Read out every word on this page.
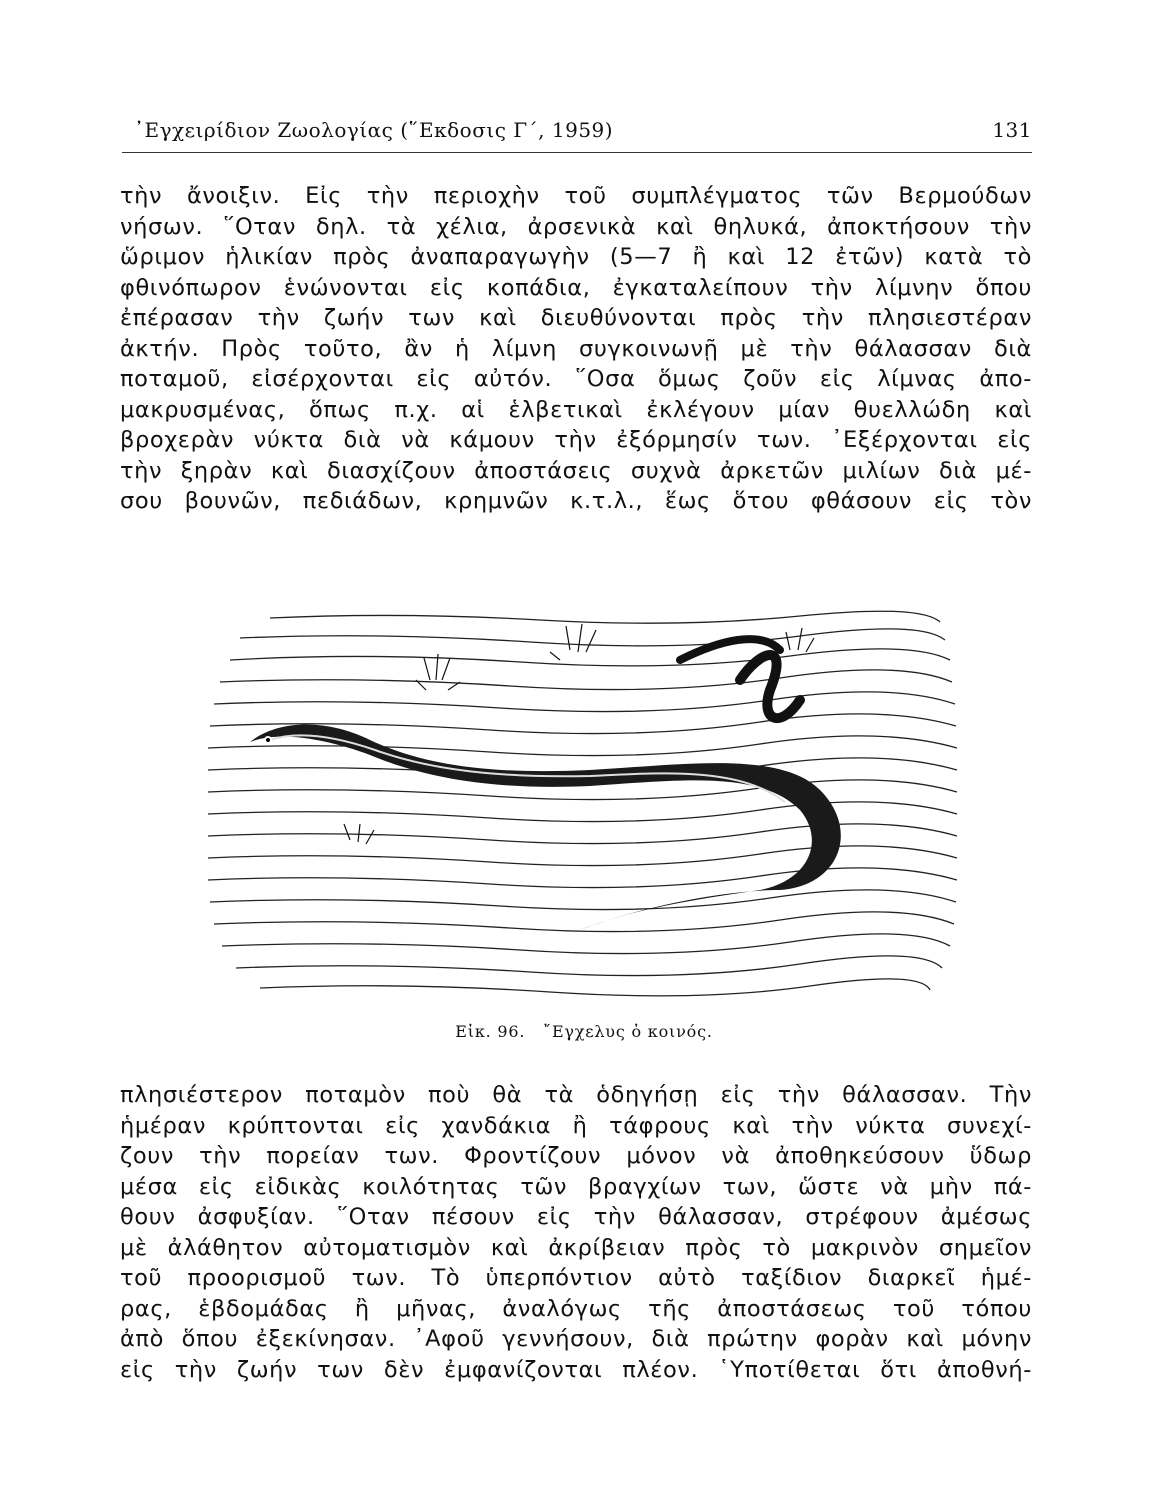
᾿Εγχειρίδιον Ζωολογίας (῞Εκδοσις Γ΄, 1959)	131
τὴν ἄνοιξιν. Εἰς τὴν περιοχὴν τοῦ συμπλέγματος τῶν Βερμούδων
νήσων. ῞Οταν δηλ. τὰ χέλια, ἀρσενικὰ καὶ θηλυκά, ἀποκτήσουν τὴν
ὥριμον ἡλικίαν πρὸς ἀναπαραγωγὴν (5—7 ἢ καὶ 12 ἐτῶν) κατὰ τὸ
φθινόπωρον ἑνώνονται εἰς κοπάδια, ἐγκαταλείπουν τὴν λίμνην ὅπου
ἐπέρασαν τὴν ζωήν των καὶ διευθύνονται πρὸς τὴν πλησιεστέραν
ἀκτήν. Πρὸς τοῦτο, ἂν ἡ λίμνη συγκοινωνῇ μὲ τὴν θάλασσαν διὰ
ποταμοῦ, εἰσέρχονται εἰς αὐτόν. ῞Οσα ὅμως ζοῦν εἰς λίμνας ἀπο-
μακρυσμένας, ὅπως π.χ. αἱ ἑλβετικαὶ ἐκλέγουν μίαν θυελλώδη καὶ
βροχερὰν νύκτα διὰ νὰ κάμουν τὴν ἐξόρμησίν των. ᾿Εξέρχονται εἰς
τὴν ξηρὰν καὶ διασχίζουν ἀποστάσεις συχνὰ ἀρκετῶν μιλίων διὰ μέ-
σου βουνῶν, πεδιάδων, κρημνῶν κ.τ.λ., ἕως ὅτου φθάσουν εἰς τὸν
Εἰκ. 96. ῎Εγχελυς ὁ κοινός.
πλησιέστερον ποταμὸν ποὺ θὰ τὰ ὁδηγήσῃ εἰς τὴν θάλασσαν. Τὴν
ἡμέραν κρύπτονται εἰς χανδάκια ἢ τάφρους καὶ τὴν νύκτα συνεχί-
ζουν τὴν πορείαν των. Φροντίζουν μόνον νὰ ἀποθηκεύσουν ὕδωρ
μέσα εἰς εἰδικὰς κοιλότητας τῶν βραγχίων των, ὥστε νὰ μὴν πά-
θουν ἀσφυξίαν. ῞Οταν πέσουν εἰς τὴν θάλασσαν, στρέφουν ἀμέσως
μὲ ἀλάθητον αὐτοματισμὸν καὶ ἀκρίβειαν πρὸς τὸ μακρινὸν σημεῖον
τοῦ προορισμοῦ των. Τὸ ὑπερπόντιον αὐτὸ ταξίδιον διαρκεῖ ἡμέ-
ρας, ἑβδομάδας ἢ μῆνας, ἀναλόγως τῆς ἀποστάσεως τοῦ τόπου
ἀπὸ ὅπου ἐξεκίνησαν. ᾿Αφοῦ γεννήσουν, διὰ πρώτην φορὰν καὶ μόνην
εἰς τὴν ζωήν των δὲν ἐμφανίζονται πλέον. ῾Υποτίθεται ὅτι ἀποθνή-
